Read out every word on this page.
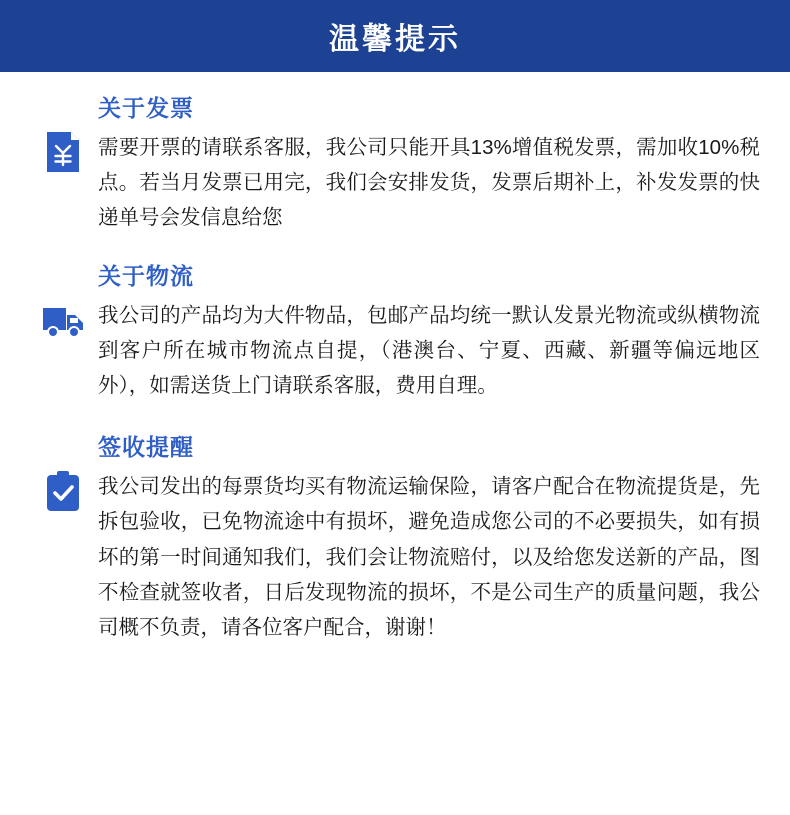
温馨提示
关于发票

需要开票的请联系客服，我公司只能开具13%增值税发票，需加收10%税点。若当月发票已用完，我们会安排发货，发票后期补上，补发发票的快递单号会发信息给您

关于物流

我公司的产品均为大件物品，包邮产品均统一默认发景光物流或纵横物流到客户所在城市物流点自提，（港澳台、宁夏、西藏、新疆等偏远地区外），如需送货上门请联系客服，费用自理。

签收提醒

我公司发出的每票货均买有物流运输保险，请客户配合在物流提货是，先拆包验收，已免物流途中有损坏，避免造成您公司的不必要损失，如有损坏的第一时间通知我们，我们会让物流赔付，以及给您发送新的产品，图不检查就签收者，日后发现物流的损坏，不是公司生产的质量问题，我公司概不负责，请各位客户配合，谢谢！
